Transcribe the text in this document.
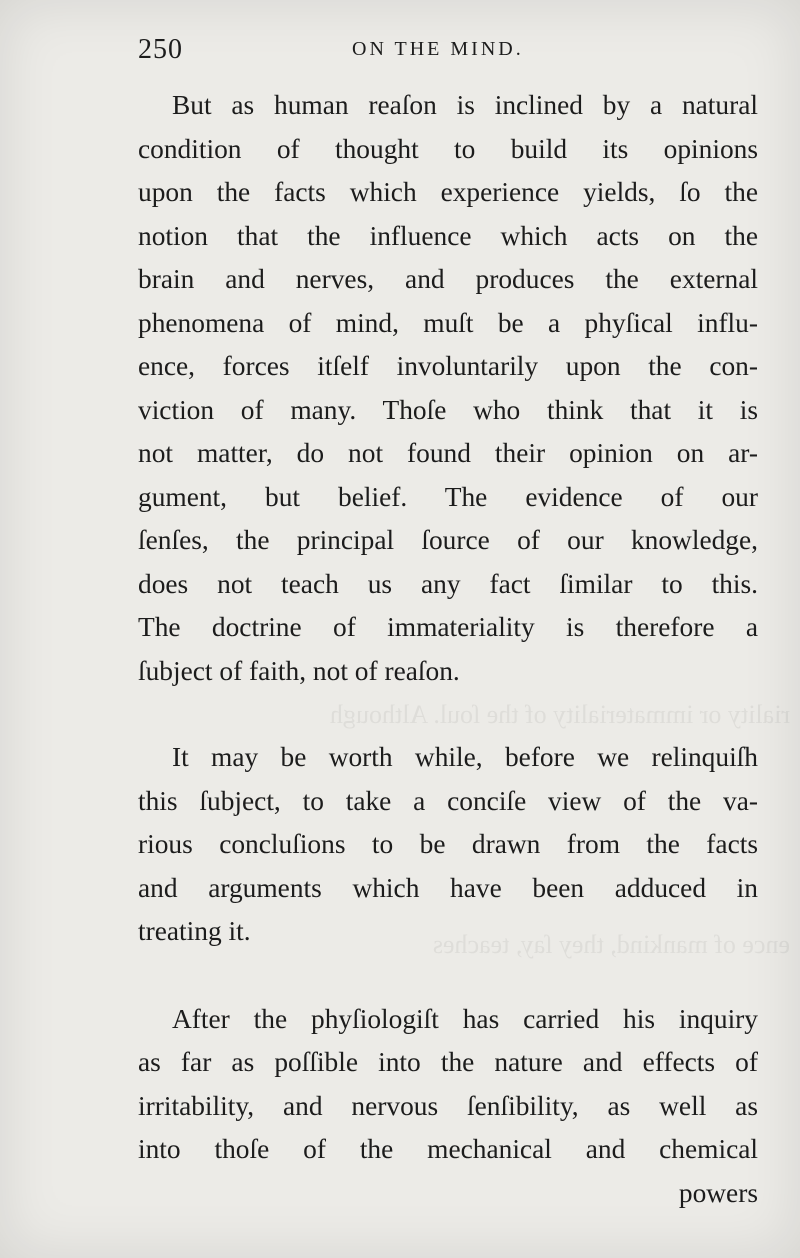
riality or immateriality of the ſoul. Although
ence of mankind, they ſay, teaches
250	ON THE MIND.
But as human reaſon is inclined by a natural
condition of thought to build its opinions
upon the facts which experience yields, ſo the
notion that the influence which acts on the
brain and nerves, and produces the external
phenomena of mind, muſt be a phyſical influ-
ence, forces itſelf involuntarily upon the con-
viction of many. Thoſe who think that it is
not matter, do not found their opinion on ar-
gument, but belief. The evidence of our
ſenſes, the principal ſource of our knowledge,
does not teach us any fact ſimilar to this.
The doctrine of immateriality is therefore a
ſubject of faith, not of reaſon.
It may be worth while, before we relinquiſh
this ſubject, to take a conciſe view of the va-
rious concluſions to be drawn from the facts
and arguments which have been adduced in
treating it.
After the phyſiologiſt has carried his inquiry
as far as poſſible into the nature and effects of
irritability, and nervous ſenſibility, as well as
into thoſe of the mechanical and chemical
powers
